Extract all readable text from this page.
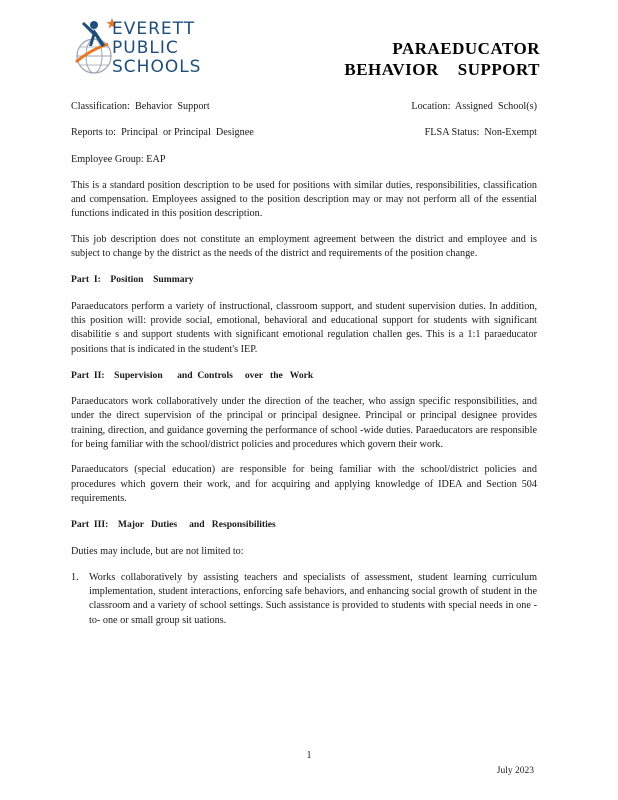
EVERETT
PUBLIC
SCHOOLS
PARAEDUCATOR
BEHAVIOR    SUPPORT
Classification:  Behavior  Support	Location:  Assigned  School(s)
Reports to:  Principal  or Principal  Designee	FLSA Status:  Non-Exempt
Employee Group: EAP

This is a standard position description to be used for positions with similar duties, responsibilities, classification and compensation. Employees assigned to the position description may or may not perform all of the essential functions indicated in this position description.

This job description does not constitute an employment agreement between the district and employee and is subject to change by the district as the needs of the district and requirements of the position change.

Part  I:    Position    Summary

Paraeducators perform a variety of instructional, classroom support, and student supervision duties. In addition, this position will: provide social, emotional, behavioral and educational support for students with significant disabilitie s and support students with significant emotional regulation challen ges. This is a 1:1 paraeducator positions that is indicated in the student's IEP.

Part  II:    Supervision      and  Controls     over   the   Work

Paraeducators work collaboratively under the direction of the teacher, who assign specific responsibilities, and under the direct supervision of the principal or principal designee. Principal or principal designee provides training, direction, and guidance governing the performance of school -wide duties. Paraeducators are responsible for being familiar with the school/district policies and procedures which govern their work.

Paraeducators (special education) are responsible for being familiar with the school/district policies and procedures which govern their work, and for acquiring and applying knowledge of IDEA and Section 504 requirements.

Part  III:    Major   Duties     and   Responsibilities
Duties may include, but are not limited to:
1.	Works collaboratively by assisting teachers and specialists of assessment, student learning curriculum implementation, student interactions, enforcing safe behaviors, and enhancing social growth of student in the classroom and a variety of school settings. Such assistance is provided to students with special needs in one - to- one or small group sit uations.
1
July 2023
